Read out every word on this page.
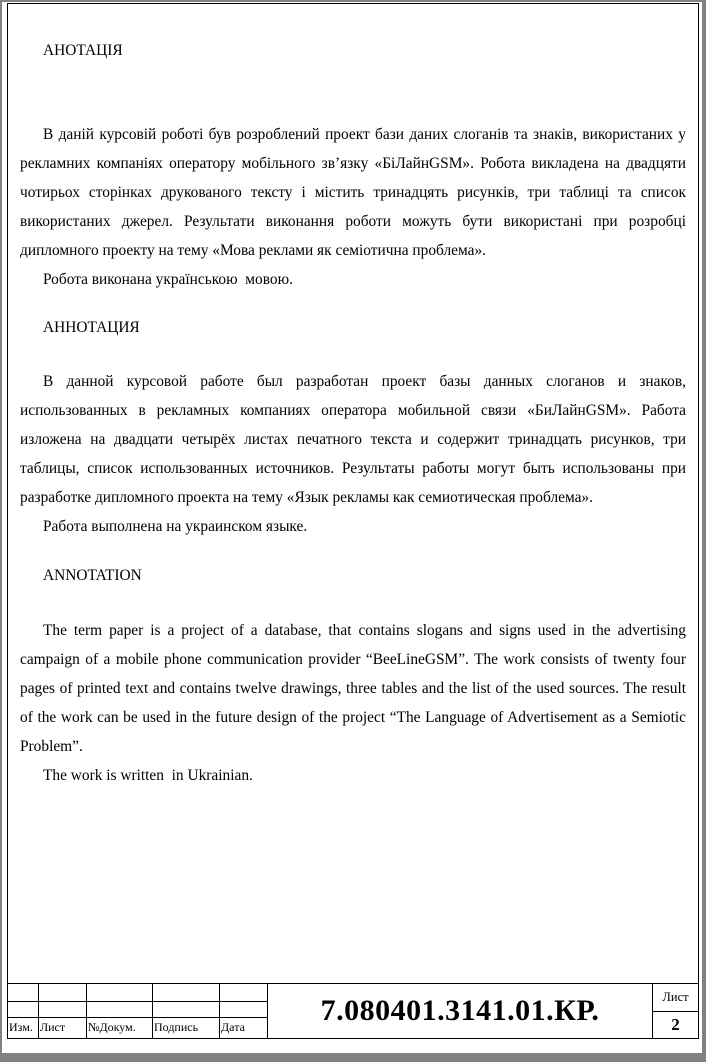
АНОТАЦІЯ

В даній курсовій роботі був розроблений проект бази даних слоганів та знаків, використаних у рекламних компаніях оператору мобільного зв’язку «БіЛайнGSM». Робота викладена на двадцяти чотирьох сторінках друкованого тексту і містить тринадцять рисунків, три таблиці та список використаних джерел. Результати виконання роботи можуть бути використані при розробці дипломного проекту на тему «Мова реклами як семіотична проблема».

Робота виконана українською  мовою.

АННОТАЦИЯ

В данной курсовой работе был разработан проект базы данных слоганов и знаков, использованных в рекламных компаниях оператора мобильной связи «БиЛайнGSM». Работа изложена на двадцати четырёх листах печатного текста и содержит тринадцать рисунков, три таблицы, список использованных источников. Результаты работы могут быть использованы при разработке дипломного проекта на тему «Язык рекламы как семиотическая проблема».

Работа выполнена на украинском языке.

ANNOTATION

The term paper is a project of a database, that contains slogans and signs used in the advertising campaign of a mobile phone communication provider “BeeLineGSM”. The work consists of twenty four pages of printed text and contains twelve drawings, three tables and the list of the used sources. The result of the work can be used in the future design of the project “The Language of Advertisement as a Semiotic  Problem”.

The work is written  in Ukrainian.

Изм. Лист	№Докум.	Подпись	Дата	7.080401.3141.01.КР.	Лист
2
